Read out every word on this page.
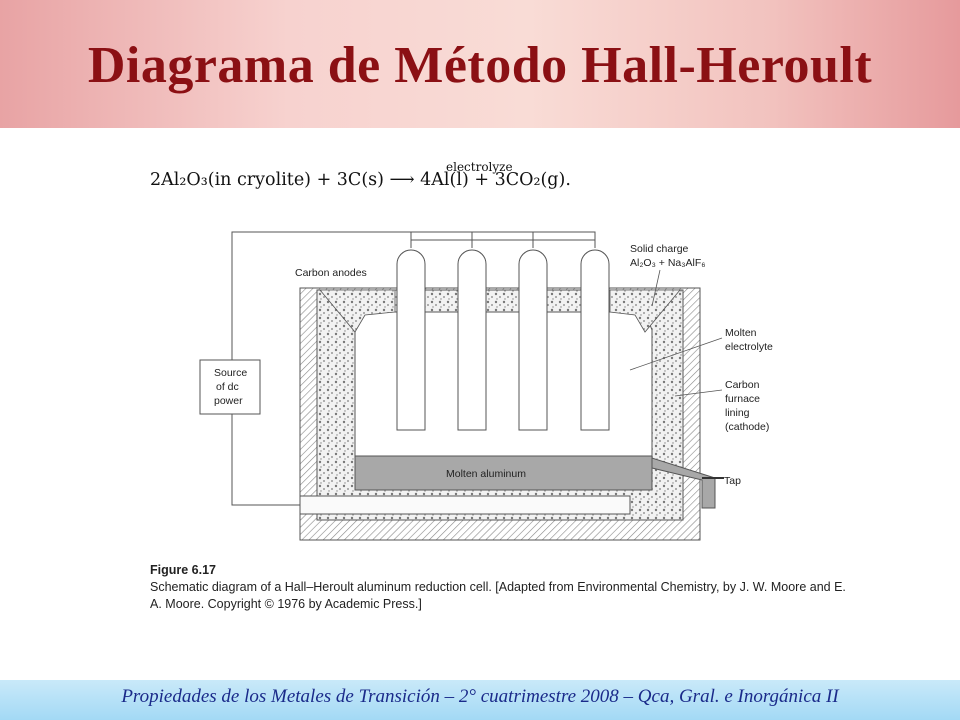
Diagrama de Método Hall-Heroult
electrolyze
2Al₂O₃(in cryolite) + 3C(s) ⟶ 4Al(l) + 3CO₂(g).
Molten aluminum
Tap
Carbon anodes
Source
of dc
power
Solid charge
Al₂O₃ + Na₃AlF₆
Molten
electrolyte
Carbon
furnace
lining
(cathode)
Figure 6.17
Schematic diagram of a Hall–Heroult aluminum reduction cell. [Adapted from Environmental Chemistry, by J. W. Moore and E. A. Moore. Copyright © 1976 by Academic Press.]
Propiedades de los Metales de Transición – 2° cuatrimestre 2008 – Qca, Gral. e Inorgánica II
